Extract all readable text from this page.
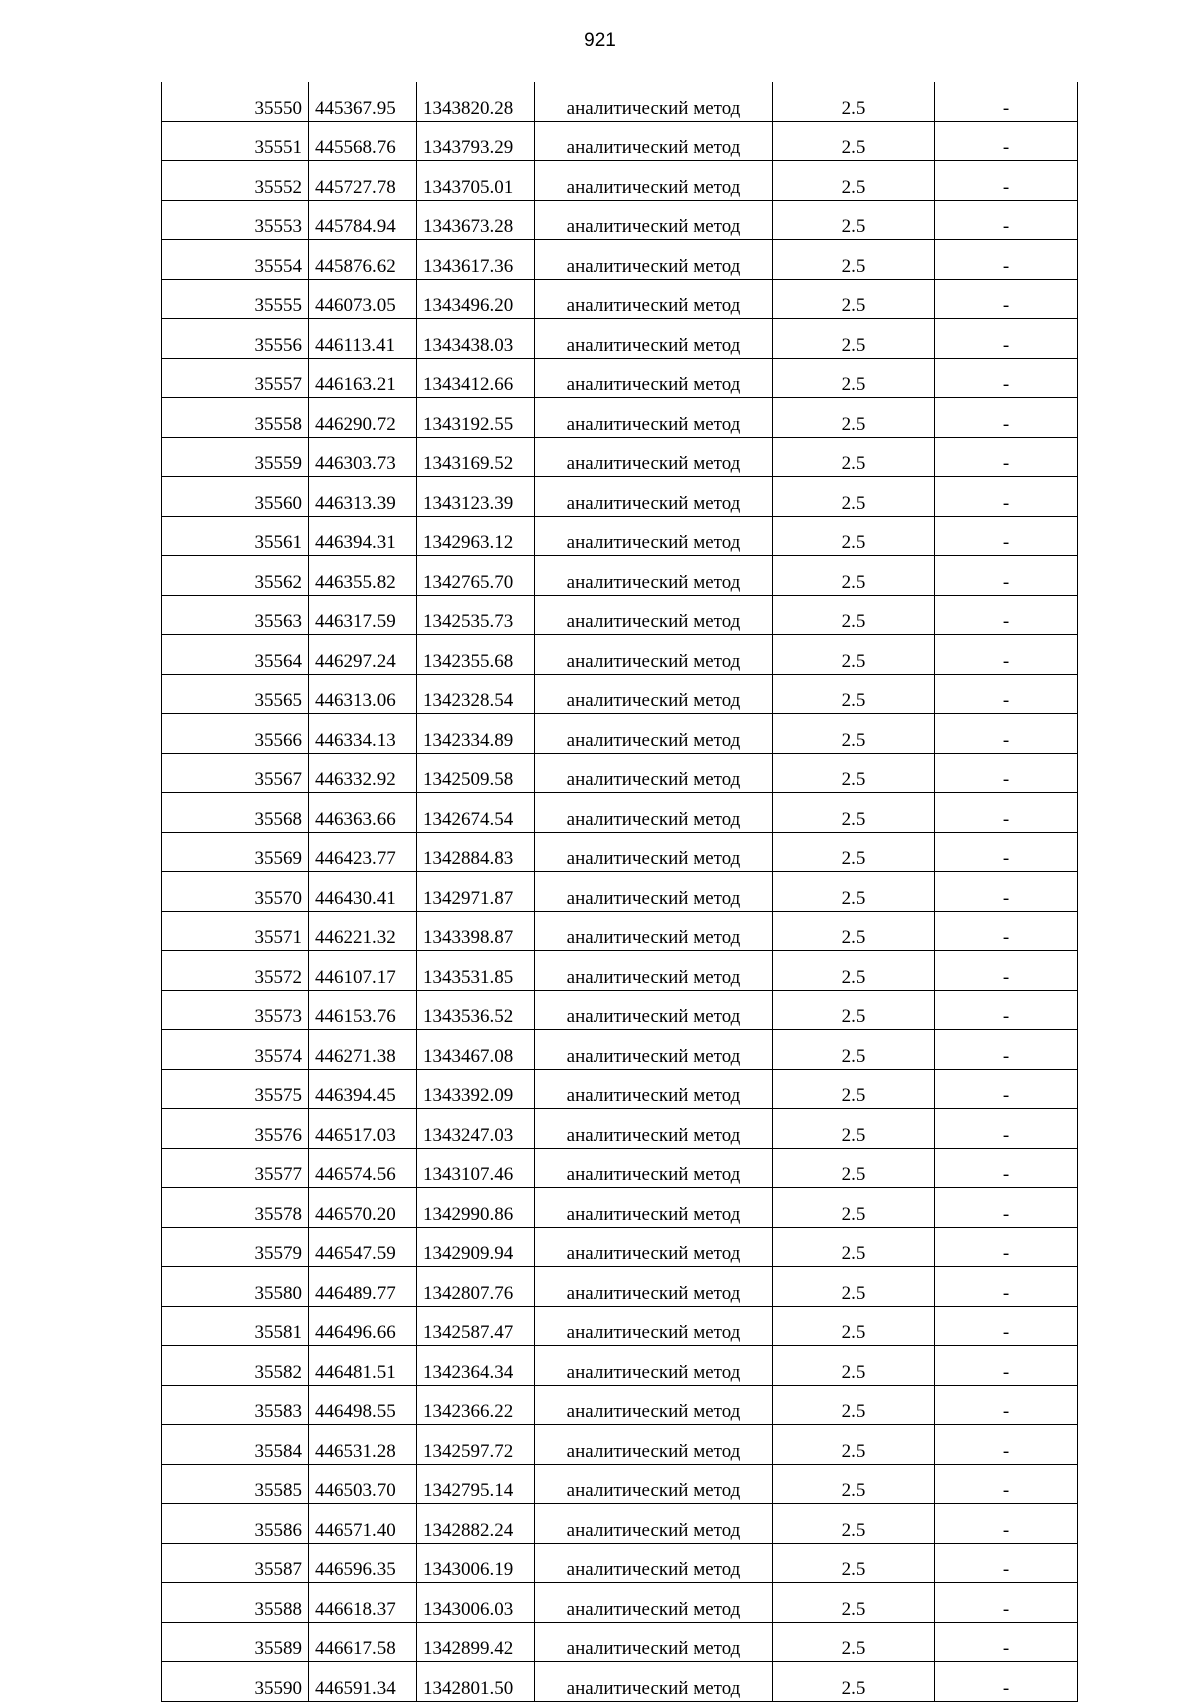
921
35550	445367.95	1343820.28	аналитический метод	2.5	-
35551	445568.76	1343793.29	аналитический метод	2.5	-
35552	445727.78	1343705.01	аналитический метод	2.5	-
35553	445784.94	1343673.28	аналитический метод	2.5	-
35554	445876.62	1343617.36	аналитический метод	2.5	-
35555	446073.05	1343496.20	аналитический метод	2.5	-
35556	446113.41	1343438.03	аналитический метод	2.5	-
35557	446163.21	1343412.66	аналитический метод	2.5	-
35558	446290.72	1343192.55	аналитический метод	2.5	-
35559	446303.73	1343169.52	аналитический метод	2.5	-
35560	446313.39	1343123.39	аналитический метод	2.5	-
35561	446394.31	1342963.12	аналитический метод	2.5	-
35562	446355.82	1342765.70	аналитический метод	2.5	-
35563	446317.59	1342535.73	аналитический метод	2.5	-
35564	446297.24	1342355.68	аналитический метод	2.5	-
35565	446313.06	1342328.54	аналитический метод	2.5	-
35566	446334.13	1342334.89	аналитический метод	2.5	-
35567	446332.92	1342509.58	аналитический метод	2.5	-
35568	446363.66	1342674.54	аналитический метод	2.5	-
35569	446423.77	1342884.83	аналитический метод	2.5	-
35570	446430.41	1342971.87	аналитический метод	2.5	-
35571	446221.32	1343398.87	аналитический метод	2.5	-
35572	446107.17	1343531.85	аналитический метод	2.5	-
35573	446153.76	1343536.52	аналитический метод	2.5	-
35574	446271.38	1343467.08	аналитический метод	2.5	-
35575	446394.45	1343392.09	аналитический метод	2.5	-
35576	446517.03	1343247.03	аналитический метод	2.5	-
35577	446574.56	1343107.46	аналитический метод	2.5	-
35578	446570.20	1342990.86	аналитический метод	2.5	-
35579	446547.59	1342909.94	аналитический метод	2.5	-
35580	446489.77	1342807.76	аналитический метод	2.5	-
35581	446496.66	1342587.47	аналитический метод	2.5	-
35582	446481.51	1342364.34	аналитический метод	2.5	-
35583	446498.55	1342366.22	аналитический метод	2.5	-
35584	446531.28	1342597.72	аналитический метод	2.5	-
35585	446503.70	1342795.14	аналитический метод	2.5	-
35586	446571.40	1342882.24	аналитический метод	2.5	-
35587	446596.35	1343006.19	аналитический метод	2.5	-
35588	446618.37	1343006.03	аналитический метод	2.5	-
35589	446617.58	1342899.42	аналитический метод	2.5	-
35590	446591.34	1342801.50	аналитический метод	2.5	-
